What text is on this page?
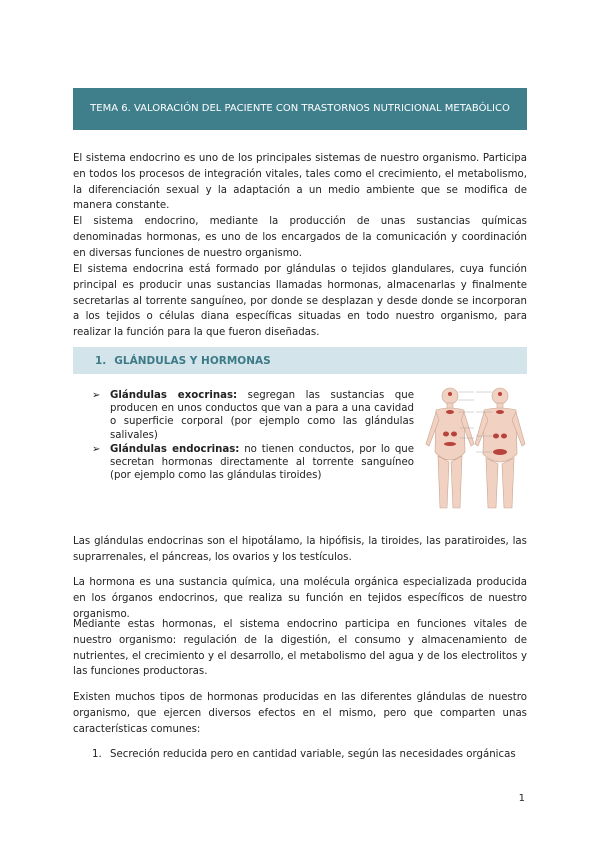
TEMA 6. VALORACIÓN DEL PACIENTE CON TRASTORNOS NUTRICIONAL METABÓLICO

El sistema endocrino es uno de los principales sistemas de nuestro organismo. Participa en todos los procesos de integración vitales, tales como el crecimiento, el metabolismo, la diferenciación sexual y la adaptación a un medio ambiente que se modifica de manera constante.

El sistema endocrino, mediante la producción de unas sustancias químicas denominadas hormonas, es uno de los encargados de la comunicación y coordinación en diversas funciones de nuestro organismo.

El sistema endocrina está formado por glándulas o tejidos glandulares, cuya función principal es producir unas sustancias llamadas hormonas, almacenarlas y finalmente secretarlas al torrente sanguíneo, por donde se desplazan y desde donde se incorporan a los tejidos o células diana específicas situadas en todo nuestro organismo, para realizar la función para la que fueron diseñadas.

1. GLÁNDULAS Y HORMONAS
➢ Glándulas exocrinas: segregan las sustancias que producen en unos conductos que van a para a una cavidad o superficie corporal (por ejemplo como las glándulas salivales)
➢ Glándulas endocrinas: no tienen conductos, por lo que secretan hormonas directamente al torrente sanguíneo (por ejemplo como las glándulas tiroides)

Las glándulas endocrinas son el hipotálamo, la hipófisis, la tiroides, las paratiroides, las suprarrenales, el páncreas, los ovarios y los testículos.

La hormona es una sustancia química, una molécula orgánica especializada producida en los órganos endocrinos, que realiza su función en tejidos específicos de nuestro organismo.

Mediante estas hormonas, el sistema endocrino participa en funciones vitales de nuestro organismo: regulación de la digestión, el consumo y almacenamiento de nutrientes, el crecimiento y el desarrollo, el metabolismo del agua y de los electrolitos y las funciones productoras.

Existen muchos tipos de hormonas producidas en las diferentes glándulas de nuestro organismo, que ejercen diversos efectos en el mismo, pero que comparten unas características comunes:

1. Secreción reducida pero en cantidad variable, según las necesidades orgánicas
1
